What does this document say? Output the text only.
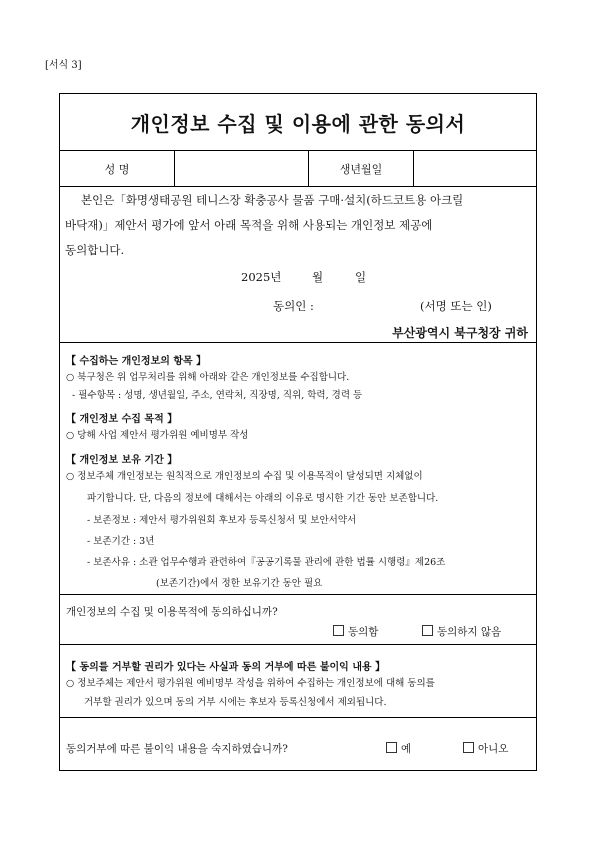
[서식 3]
개인정보 수집 및 이용에 관한 동의서
성 명	생년월일
본인은「화명생태공원 테니스장 확충공사 물품 구매·설치(하드코트용 아크릴
바닥재)」제안서 평가에 앞서 아래 목적을 위해 사용되는 개인정보 제공에
동의합니다.
2025년	월	일
동의인 :	(서명 또는 인)
부산광역시 북구청장 귀하
【 수집하는 개인정보의 항목 】
○ 북구청은 위 업무처리를 위해 아래와 같은 개인정보를 수집합니다.
- 필수항목 : 성명, 생년월일, 주소, 연락처, 직장명, 직위, 학력, 경력 등
【 개인정보 수집 목적 】
○ 당해 사업 제안서 평가위원 예비명부 작성
【 개인정보 보유 기간 】
○ 정보주체 개인정보는 원칙적으로 개인정보의 수집 및 이용목적이 달성되면 지체없이
파기합니다. 단, 다음의 정보에 대해서는 아래의 이유로 명시한 기간 동안 보존합니다.
- 보존정보 : 제안서 평가위원회 후보자 등록신청서 및 보안서약서
- 보존기간 : 3년
- 보존사유 : 소관 업무수행과 관련하여『공공기록물 관리에 관한 법률 시행령』제26조
(보존기간)에서 정한 보유기간 동안 필요
개인정보의 수집 및 이용목적에 동의하십니까?
동의함	동의하지 않음
【 동의를 거부할 권리가 있다는 사실과 동의 거부에 따른 불이익 내용 】
○ 정보주체는 제안서 평가위원 예비명부 작성을 위하여 수집하는 개인정보에 대해 동의를
거부할 권리가 있으며 동의 거부 시에는 후보자 등록신청에서 제외됩니다.
동의거부에 따른 불이익 내용을 숙지하였습니까?	예	아니오
